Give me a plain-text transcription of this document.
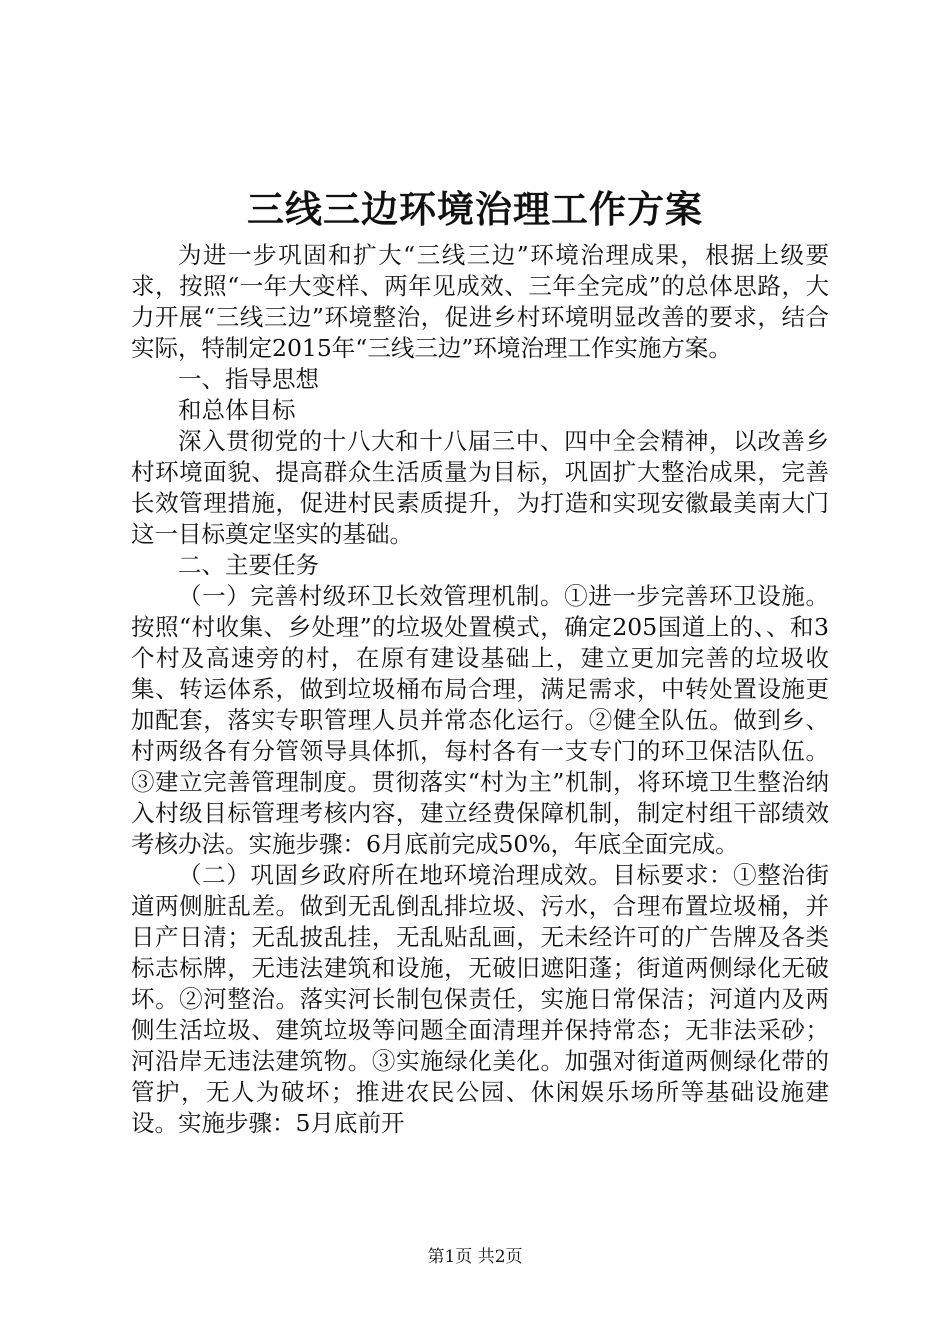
三线三边环境治理工作方案

为进一步巩固和扩大“三线三边”环境治理成果，根据上级要求，按照“一年大变样、两年见成效、三年全完成”的总体思路，大力开展“三线三边”环境整治，促进乡村环境明显改善的要求，结合实际，特制定2015年“三线三边”环境治理工作实施方案。

一、指导思想

和总体目标

深入贯彻党的十八大和十八届三中、四中全会精神，以改善乡村环境面貌、提高群众生活质量为目标，巩固扩大整治成果，完善长效管理措施，促进村民素质提升，为打造和实现安徽最美南大门这一目标奠定坚实的基础。

二、主要任务

（一）完善村级环卫长效管理机制。①进一步完善环卫设施。按照“村收集、乡处理”的垃圾处置模式，确定205国道上的、、和3个村及高速旁的村，在原有建设基础上，建立更加完善的垃圾收集、转运体系，做到垃圾桶布局合理，满足需求，中转处置设施更加配套，落实专职管理人员并常态化运行。②健全队伍。做到乡、村两级各有分管领导具体抓，每村各有一支专门的环卫保洁队伍。③建立完善管理制度。贯彻落实“村为主”机制，将环境卫生整治纳入村级目标管理考核内容，建立经费保障机制，制定村组干部绩效考核办法。实施步骤：6月底前完成50%，年底全面完成。

（二）巩固乡政府所在地环境治理成效。目标要求：①整治街道两侧脏乱差。做到无乱倒乱排垃圾、污水，合理布置垃圾桶，并日产日清；无乱披乱挂，无乱贴乱画，无未经许可的广告牌及各类标志标牌，无违法建筑和设施，无破旧遮阳蓬；街道两侧绿化无破坏。②河整治。落实河长制包保责任，实施日常保洁；河道内及两侧生活垃圾、建筑垃圾等问题全面清理并保持常态；无非法采砂；河沿岸无违法建筑物。③实施绿化美化。加强对街道两侧绿化带的管护，无人为破坏；推进农民公园、休闲娱乐场所等基础设施建设。实施步骤：5月底前开

第1页 共2页
